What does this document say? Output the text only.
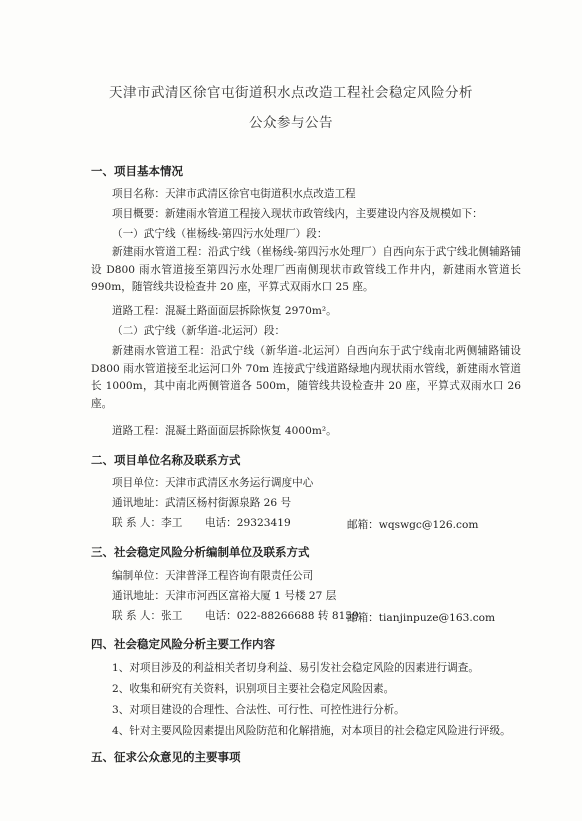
天津市武清区徐官屯街道积水点改造工程社会稳定风险分析
公众参与公告
一、项目基本情况
项目名称：天津市武清区徐官屯街道积水点改造工程
项目概要：新建雨水管道工程接入现状市政管线内，主要建设内容及规模如下：
（一）武宁线（崔杨线-第四污水处理厂）段：
新建雨水管道工程：沿武宁线（崔杨线-第四污水处理厂）自西向东于武宁线北侧辅路铺设 D800 雨水管道接至第四污水处理厂西南侧现状市政管线工作井内，新建雨水管道长 990m，随管线共设检查井 20 座，平算式双雨水口 25 座。
道路工程：混凝土路面面层拆除恢复 2970m²。
（二）武宁线（新华道-北运河）段：
新建雨水管道工程：沿武宁线（新华道-北运河）自西向东于武宁线南北两侧辅路铺设 D800 雨水管道接至北运河口外 70m 连接武宁线道路绿地内现状雨水管线，新建雨水管道长 1000m，其中南北两侧管道各 500m，随管线共设检查井 20 座，平算式双雨水口 26 座。
道路工程：混凝土路面面层拆除恢复 4000m²。
二、项目单位名称及联系方式
项目单位：天津市武清区水务运行调度中心
通讯地址：武清区杨村街源泉路 26 号
联 系 人：李工 电话：29323419	邮箱：wqswgc@126.com
三、社会稳定风险分析编制单位及联系方式
编制单位：天津普泽工程咨询有限责任公司
通讯地址：天津市河西区富裕大厦 1 号楼 27 层
联 系 人：张工 电话：022-88266688 转 8159
邮箱：tianjinpuze@163.com
四、社会稳定风险分析主要工作内容
1、对项目涉及的利益相关者切身利益、易引发社会稳定风险的因素进行调查。
2、收集和研究有关资料，识别项目主要社会稳定风险因素。
3、对项目建设的合理性、合法性、可行性、可控性进行分析。
4、针对主要风险因素提出风险防范和化解措施，对本项目的社会稳定风险进行评级。
五、征求公众意见的主要事项
